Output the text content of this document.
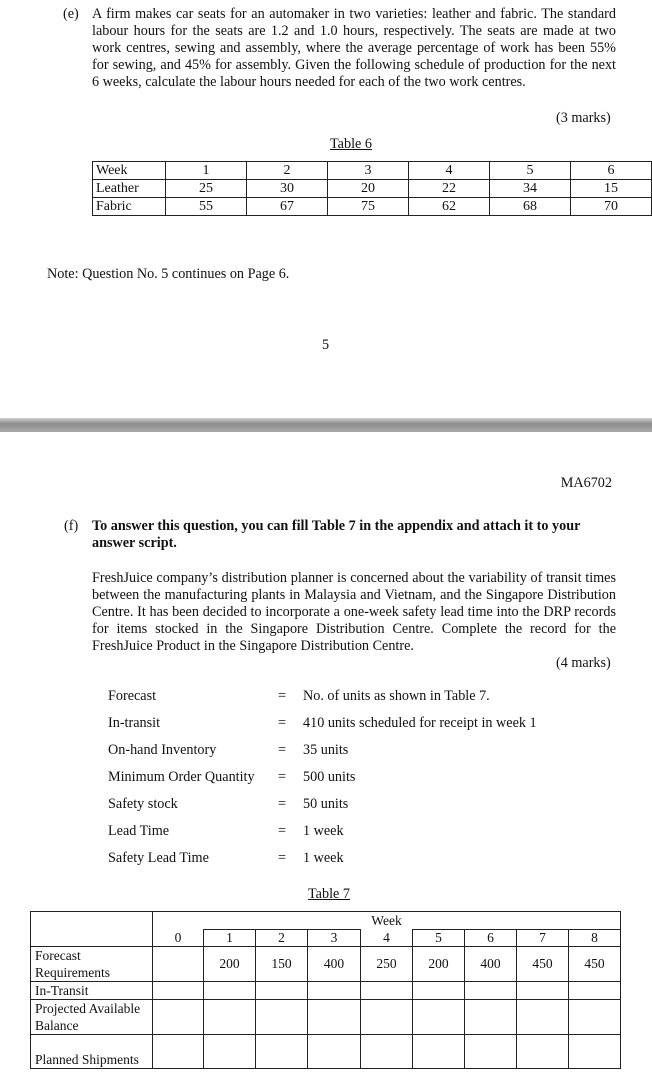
(e) A firm makes car seats for an automaker in two varieties: leather and fabric. The standard labour hours for the seats are 1.2 and 1.0 hours, respectively. The seats are made at two work centres, sewing and assembly, where the average percentage of work has been 55% for sewing, and 45% for assembly. Given the following schedule of production for the next 6 weeks, calculate the labour hours needed for each of the two work centres.

(3 marks)
Table 6
Week	1	2	3	4	5	6
Leather	25	30	20	22	34	15
Fabric	55	67	75	62	68	70
Note: Question No. 5 continues on Page 6.
5
MA6702
(f) To answer this question, you can fill Table 7 in the appendix and attach it to your answer script.
FreshJuice company’s distribution planner is concerned about the variability of transit times between the manufacturing plants in Malaysia and Vietnam, and the Singapore Distribution Centre. It has been decided to incorporate a one-week safety lead time into the DRP records for items stocked in the Singapore Distribution Centre. Complete the record for the FreshJuice Product in the Singapore Distribution Centre.
(4 marks)
Forecast	= No. of units as shown in Table 7.
In-transit	= 410 units scheduled for receipt in week 1
On-hand Inventory	= 35 units
Minimum Order Quantity = 500 units
Safety stock	= 50 units
Lead Time	= 1 week
Safety Lead Time	= 1 week
Table 7
	Week								
	0	1	2	3	4	5	6	7	8
Forecast Requirements		200	150	400	250	200	400	450	450
In-Transit									
Projected Available Balance									
Planned Shipments									
